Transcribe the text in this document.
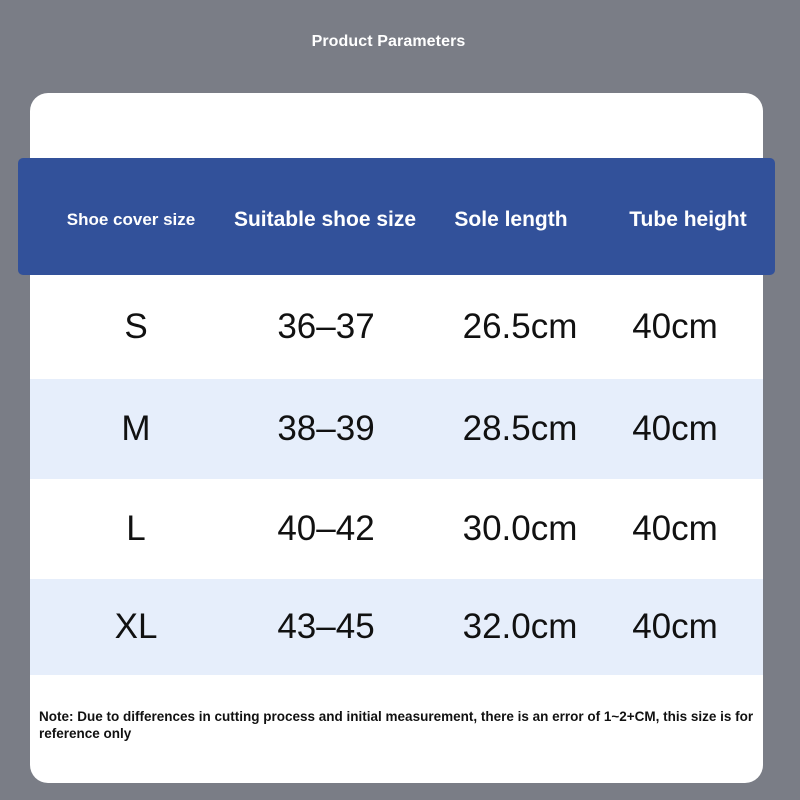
Product Parameters
Shoe cover size	Suitable shoe size	Sole length	Tube height
S	36–37	26.5cm	40cm
M	38–39	28.5cm	40cm
L	40–42	30.0cm	40cm
XL	43–45	32.0cm	40cm
Note: Due to differences in cutting process and initial measurement, there is an error of 1~2+CM, this size is for reference only
